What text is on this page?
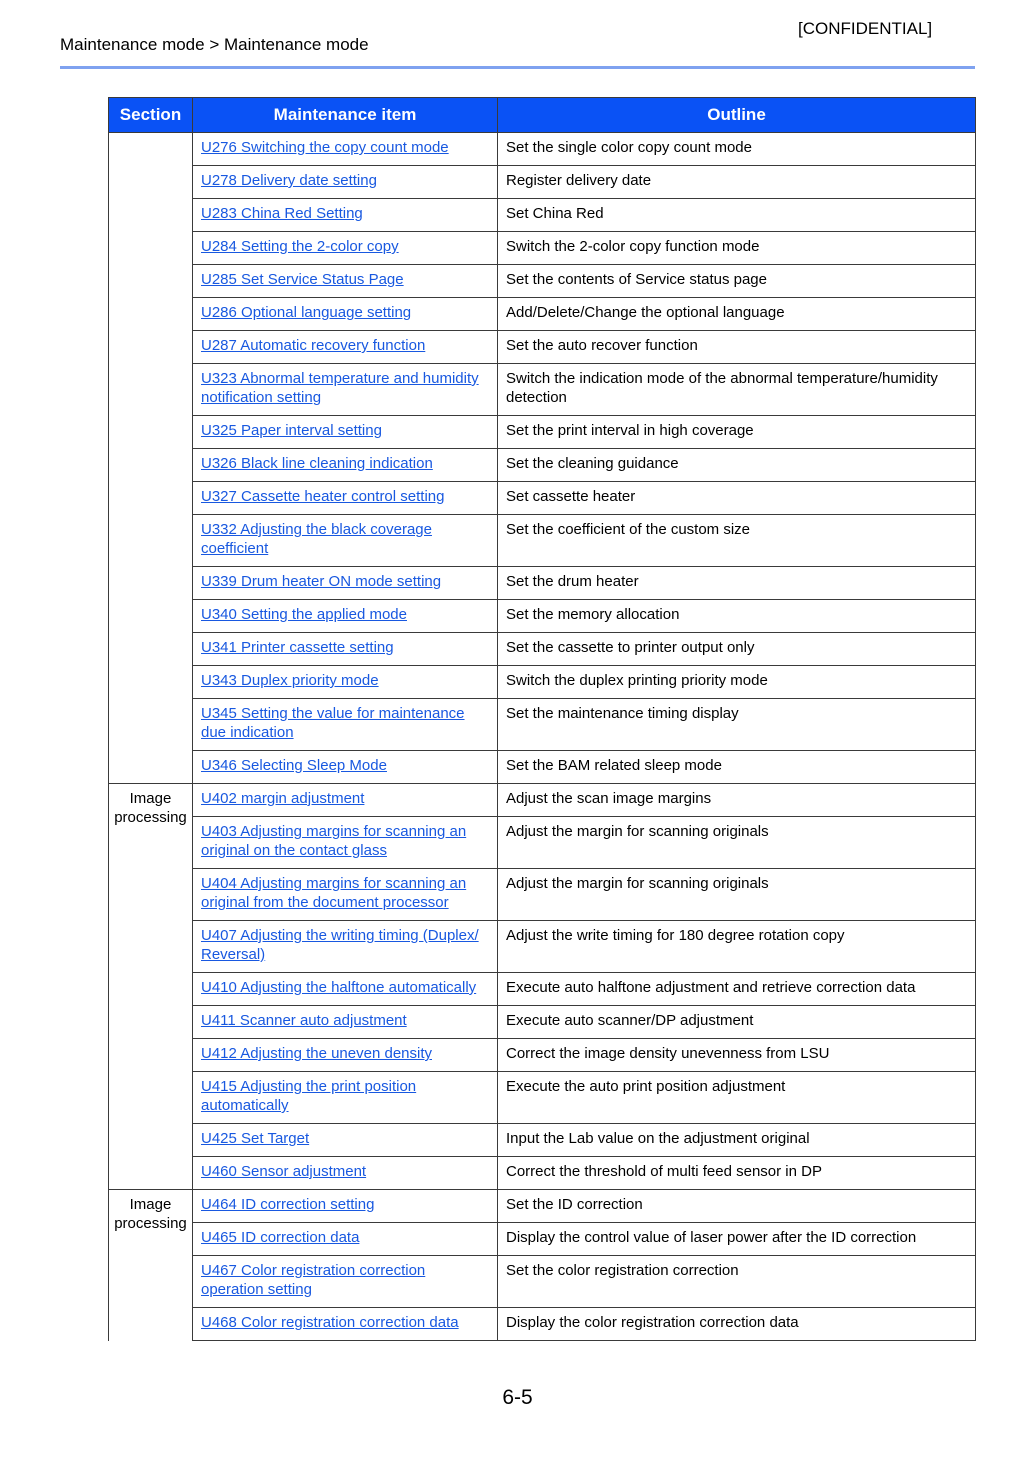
[CONFIDENTIAL]
Maintenance mode > Maintenance mode
Section	Maintenance item	Outline
	U276 Switching the copy count mode	Set the single color copy count mode
	U278 Delivery date setting	Register delivery date
	U283 China Red Setting	Set China Red
	U284 Setting the 2-color copy	Switch the 2-color copy function mode
	U285 Set Service Status Page	Set the contents of Service status page
	U286 Optional language setting	Add/Delete/Change the optional language
	U287 Automatic recovery function	Set the auto recover function
	U323 Abnormal temperature and humidity notification setting	Switch the indication mode of the abnormal temperature/humidity detection
	U325 Paper interval setting	Set the print interval in high coverage
	U326 Black line cleaning indication	Set the cleaning guidance
	U327 Cassette heater control setting	Set cassette heater
	U332 Adjusting the black coverage coefficient	Set the coefficient of the custom size
	U339 Drum heater ON mode setting	Set the drum heater
	U340 Setting the applied mode	Set the memory allocation
	U341 Printer cassette setting	Set the cassette to printer output only
	U343 Duplex priority mode	Switch the duplex printing priority mode
	U345 Setting the value for maintenance due indication	Set the maintenance timing display
	U346 Selecting Sleep Mode	Set the BAM related sleep mode
Image processing	U402 margin adjustment	Adjust the scan image margins
	U403 Adjusting margins for scanning an original on the contact glass	Adjust the margin for scanning originals
	U404 Adjusting margins for scanning an original from the document processor	Adjust the margin for scanning originals
	U407 Adjusting the writing timing (Duplex/ Reversal)	Adjust the write timing for 180 degree rotation copy
	U410 Adjusting the halftone automatically	Execute auto halftone adjustment and retrieve correction data
	U411 Scanner auto adjustment	Execute auto scanner/DP adjustment
	U412 Adjusting the uneven density	Correct the image density unevenness from LSU
	U415 Adjusting the print position automatically	Execute the auto print position adjustment
	U425 Set Target	Input the Lab value on the adjustment original
	U460 Sensor adjustment	Correct the threshold of multi feed sensor in DP
Image processing	U464 ID correction setting	Set the ID correction
	U465 ID correction data	Display the control value of laser power after the ID correction
	U467 Color registration correction operation setting	Set the color registration correction
	U468 Color registration correction data	Display the color registration correction data
6-5
